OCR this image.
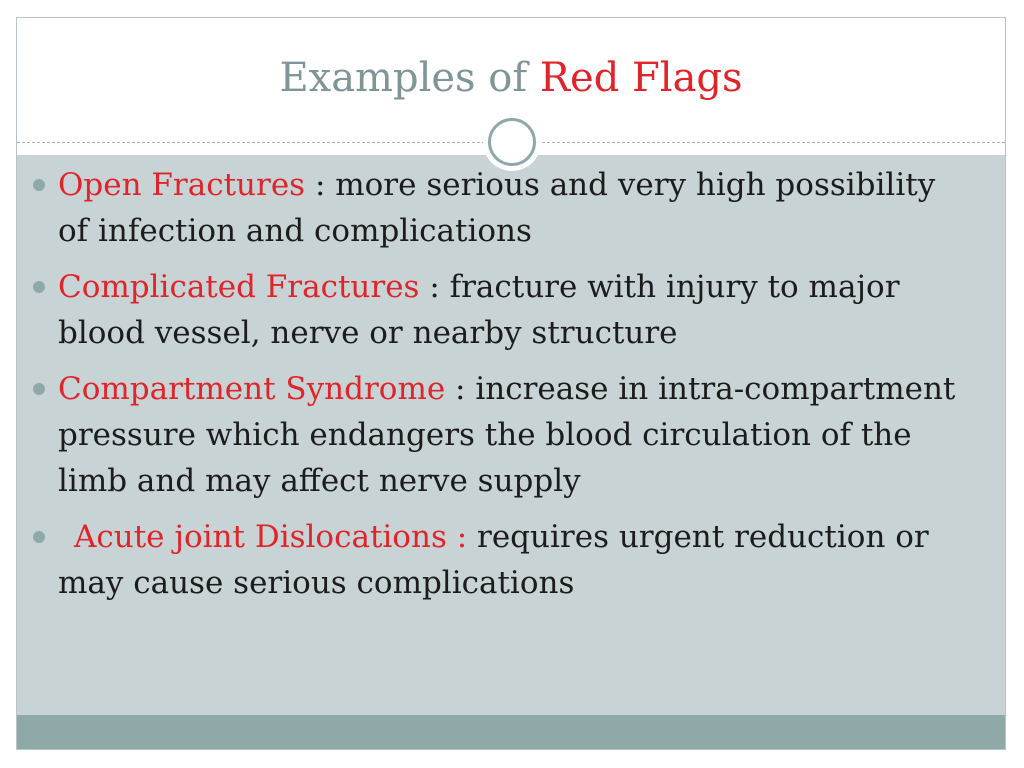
Examples of Red Flags
Open Fractures : more serious and very high possibility of infection and complications
Complicated Fractures : fracture with injury to major blood vessel, nerve or nearby structure
Compartment Syndrome : increase in intra-compartment pressure which endangers the blood circulation of the limb and may affect nerve supply
Acute joint Dislocations : requires urgent reduction or may cause serious complications
